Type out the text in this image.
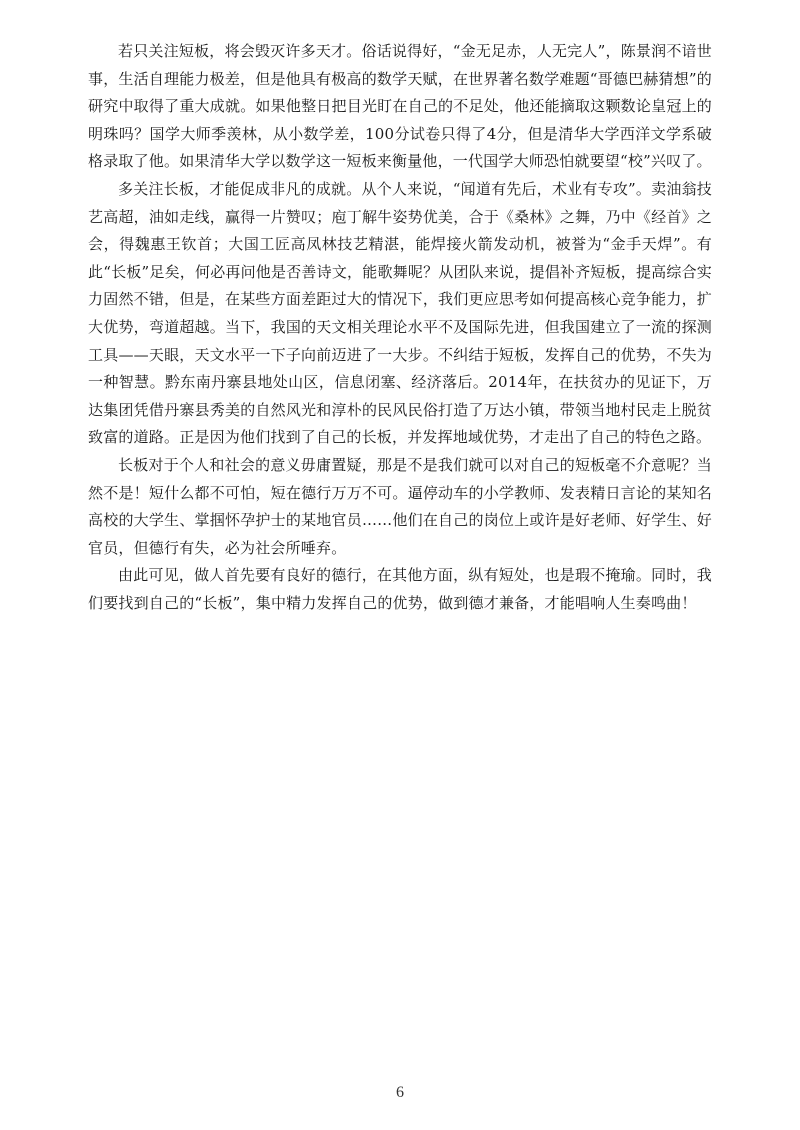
若只关注短板，将会毁灭许多天才。俗话说得好，“金无足赤，人无完人”，陈景润不谙世事，生活自理能力极差，但是他具有极高的数学天赋，在世界著名数学难题“哥德巴赫猜想”的研究中取得了重大成就。如果他整日把目光盯在自己的不足处，他还能摘取这颗数论皇冠上的明珠吗？国学大师季羡林，从小数学差，100分试卷只得了4分，但是清华大学西洋文学系破格录取了他。如果清华大学以数学这一短板来衡量他，一代国学大师恐怕就要望“校”兴叹了。

多关注长板，才能促成非凡的成就。从个人来说，“闻道有先后，术业有专攻”。卖油翁技艺高超，油如走线，赢得一片赞叹；庖丁解牛姿势优美，合于《桑林》之舞，乃中《经首》之会，得魏惠王钦首；大国工匠高凤林技艺精湛，能焊接火箭发动机，被誉为“金手天焊”。有此“长板”足矣，何必再问他是否善诗文，能歌舞呢？从团队来说，提倡补齐短板，提高综合实力固然不错，但是，在某些方面差距过大的情况下，我们更应思考如何提高核心竞争能力，扩大优势，弯道超越。当下，我国的天文相关理论水平不及国际先进，但我国建立了一流的探测工具——天眼，天文水平一下子向前迈进了一大步。不纠结于短板，发挥自己的优势，不失为一种智慧。黔东南丹寨县地处山区，信息闭塞、经济落后。2014年，在扶贫办的见证下，万达集团凭借丹寨县秀美的自然风光和淳朴的民风民俗打造了万达小镇，带领当地村民走上脱贫致富的道路。正是因为他们找到了自己的长板，并发挥地域优势，才走出了自己的特色之路。

长板对于个人和社会的意义毋庸置疑，那是不是我们就可以对自己的短板毫不介意呢？当然不是！短什么都不可怕，短在德行万万不可。逼停动车的小学教师、发表精日言论的某知名高校的大学生、掌掴怀孕护士的某地官员……他们在自己的岗位上或许是好老师、好学生、好官员，但德行有失，必为社会所唾弃。

由此可见，做人首先要有良好的德行，在其他方面，纵有短处，也是瑕不掩瑜。同时，我们要找到自己的“长板”，集中精力发挥自己的优势，做到德才兼备，才能唱响人生奏鸣曲！

6
